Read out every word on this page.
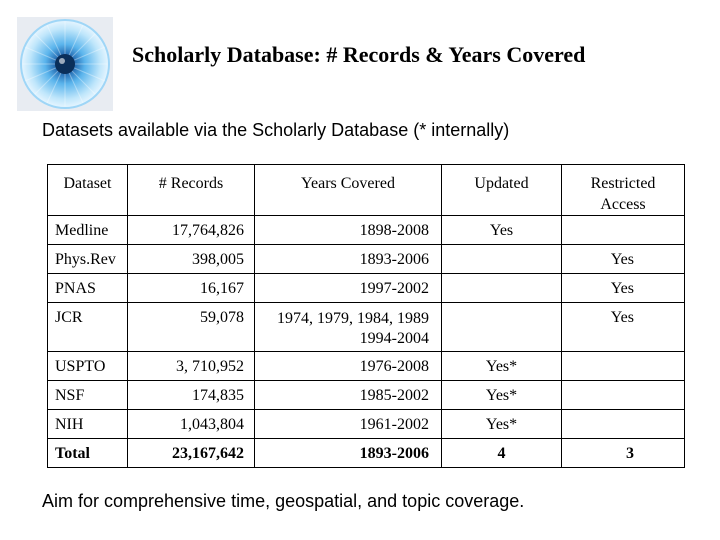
Scholarly Database: # Records & Years Covered
Datasets available via the Scholarly Database (* internally)
Dataset	# Records	Years Covered	Updated	Restricted Access
Medline	17,764,826	1898-2008	Yes	
Phys.Rev	398,005	1893-2006		Yes
PNAS	16,167	1997-2002		Yes
JCR	59,078	1974, 1979, 1984, 1989 1994-2004		Yes
USPTO	3, 710,952	1976-2008	Yes*	
NSF	174,835	1985-2002	Yes*	
NIH	1,043,804	1961-2002	Yes*	
Total	23,167,642	1893-2006	4	3
Aim for comprehensive time, geospatial, and topic coverage.
